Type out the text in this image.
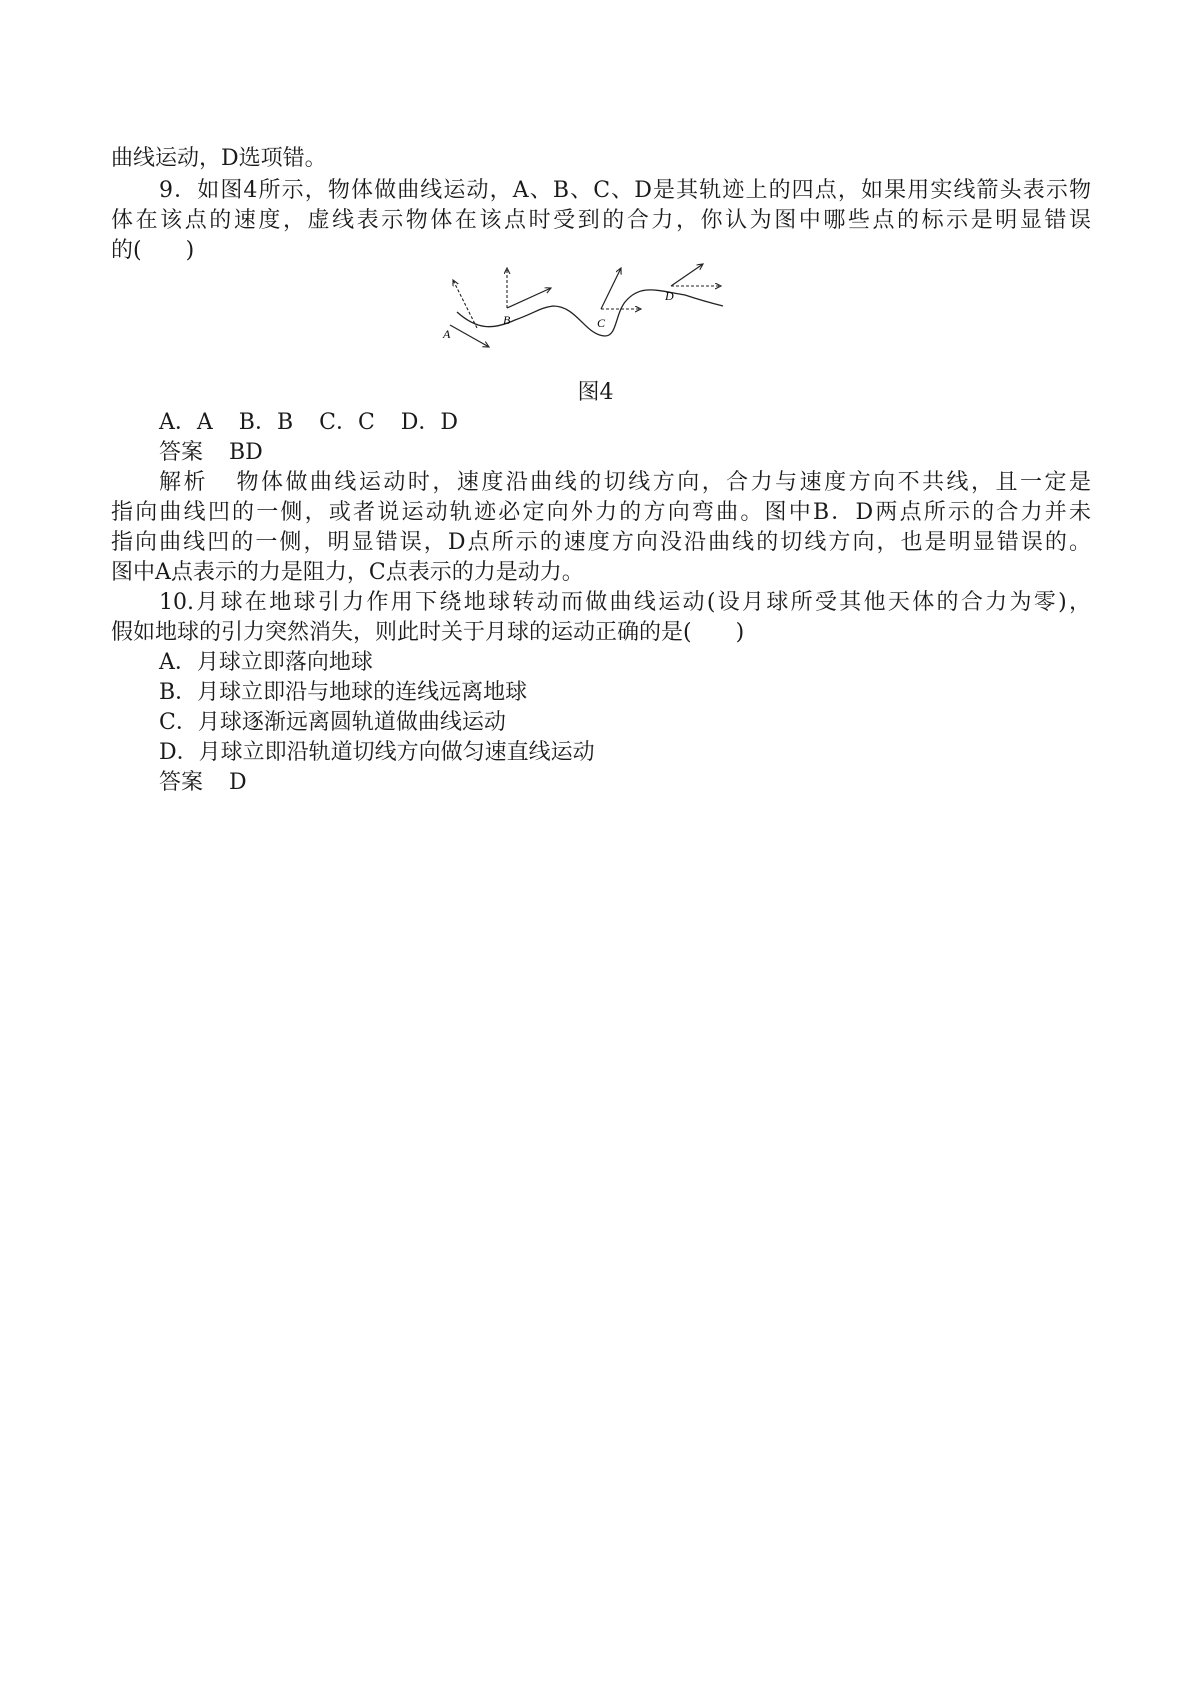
曲线运动，D选项错。
9．如图4所示，物体做曲线运动，A、B、C、D是其轨迹上的四点，如果用实线箭头表示物
体在该点的速度，虚线表示物体在该点时受到的合力，你认为图中哪些点的标示是明显错误
的(　　)
A
B	C
D
图4
A．A B．B C．C D．D
答案 BD
解析 物体做曲线运动时，速度沿曲线的切线方向，合力与速度方向不共线，且一定是
指向曲线凹的一侧，或者说运动轨迹必定向外力的方向弯曲。图中B．D两点所示的合力并未
指向曲线凹的一侧，明显错误，D点所示的速度方向没沿曲线的切线方向，也是明显错误的。
图中A点表示的力是阻力，C点表示的力是动力。
10.月球在地球引力作用下绕地球转动而做曲线运动(设月球所受其他天体的合力为零)，
假如地球的引力突然消失，则此时关于月球的运动正确的是(　　)
A．月球立即落向地球
B．月球立即沿与地球的连线远离地球
C．月球逐渐远离圆轨道做曲线运动
D．月球立即沿轨道切线方向做匀速直线运动
答案 D
